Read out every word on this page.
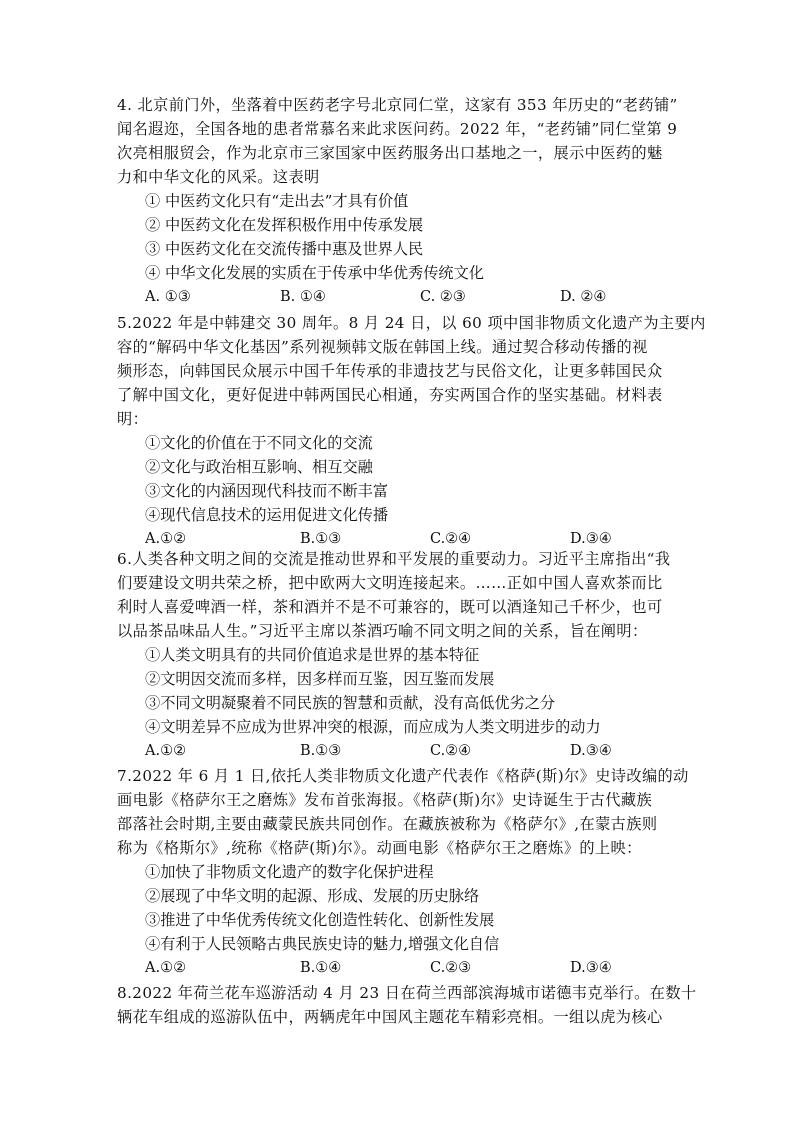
4. 北京前门外，坐落着中医药老字号北京同仁堂，这家有 353 年历史的“老药铺”
闻名遐迩，全国各地的患者常慕名来此求医问药。2022 年，“老药铺”同仁堂第 9
次亮相服贸会，作为北京市三家国家中医药服务出口基地之一，展示中医药的魅
力和中华文化的风采。这表明
① 中医药文化只有“走出去”才具有价值
② 中医药文化在发挥积极作用中传承发展
③ 中医药文化在交流传播中惠及世界人民
④ 中华文化发展的实质在于传承中华优秀传统文化
A. ①③	B. ①④	C. ②③	D. ②④
5.2022 年是中韩建交 30 周年。8 月 24 日，以 60 项中国非物质文化遗产为主要内
容的“解码中华文化基因”系列视频韩文版在韩国上线。通过契合移动传播的视
频形态，向韩国民众展示中国千年传承的非遗技艺与民俗文化，让更多韩国民众
了解中国文化，更好促进中韩两国民心相通，夯实两国合作的坚实基础。材料表
明：
①文化的价值在于不同文化的交流
②文化与政治相互影响、相互交融
③文化的内涵因现代科技而不断丰富
④现代信息技术的运用促进文化传播
A.①②	B.①③	C.②④	D.③④
6.人类各种文明之间的交流是推动世界和平发展的重要动力。习近平主席指出“我
们要建设文明共荣之桥，把中欧两大文明连接起来。……正如中国人喜欢茶而比
利时人喜爱啤酒一样，茶和酒并不是不可兼容的，既可以酒逢知己千杯少，也可
以品茶品味品人生。”习近平主席以茶酒巧喻不同文明之间的关系，旨在阐明：
①人类文明具有的共同价值追求是世界的基本特征
②文明因交流而多样，因多样而互鉴，因互鉴而发展
③不同文明凝聚着不同民族的智慧和贡献，没有高低优劣之分
④文明差异不应成为世界冲突的根源，而应成为人类文明进步的动力
A.①②	B.①③	C.②④	D.③④
7.2022 年 6 月 1 日,依托人类非物质文化遗产代表作《格萨(斯)尔》史诗改编的动
画电影《格萨尔王之磨炼》发布首张海报。《格萨(斯)尔》史诗诞生于古代藏族
部落社会时期,主要由藏蒙民族共同创作。在藏族被称为《格萨尔》,在蒙古族则
称为《格斯尔》,统称《格萨(斯)尔》。动画电影《格萨尔王之磨炼》的上映：
①加快了非物质文化遗产的数字化保护进程
②展现了中华文明的起源、形成、发展的历史脉络
③推进了中华优秀传统文化创造性转化、创新性发展
④有利于人民领略古典民族史诗的魅力,增强文化自信
A.①②	B.①④	C.②③	D.③④
8.2022 年荷兰花车巡游活动 4 月 23 日在荷兰西部滨海城市诺德韦克举行。在数十
辆花车组成的巡游队伍中，两辆虎年中国风主题花车精彩亮相。一组以虎为核心
